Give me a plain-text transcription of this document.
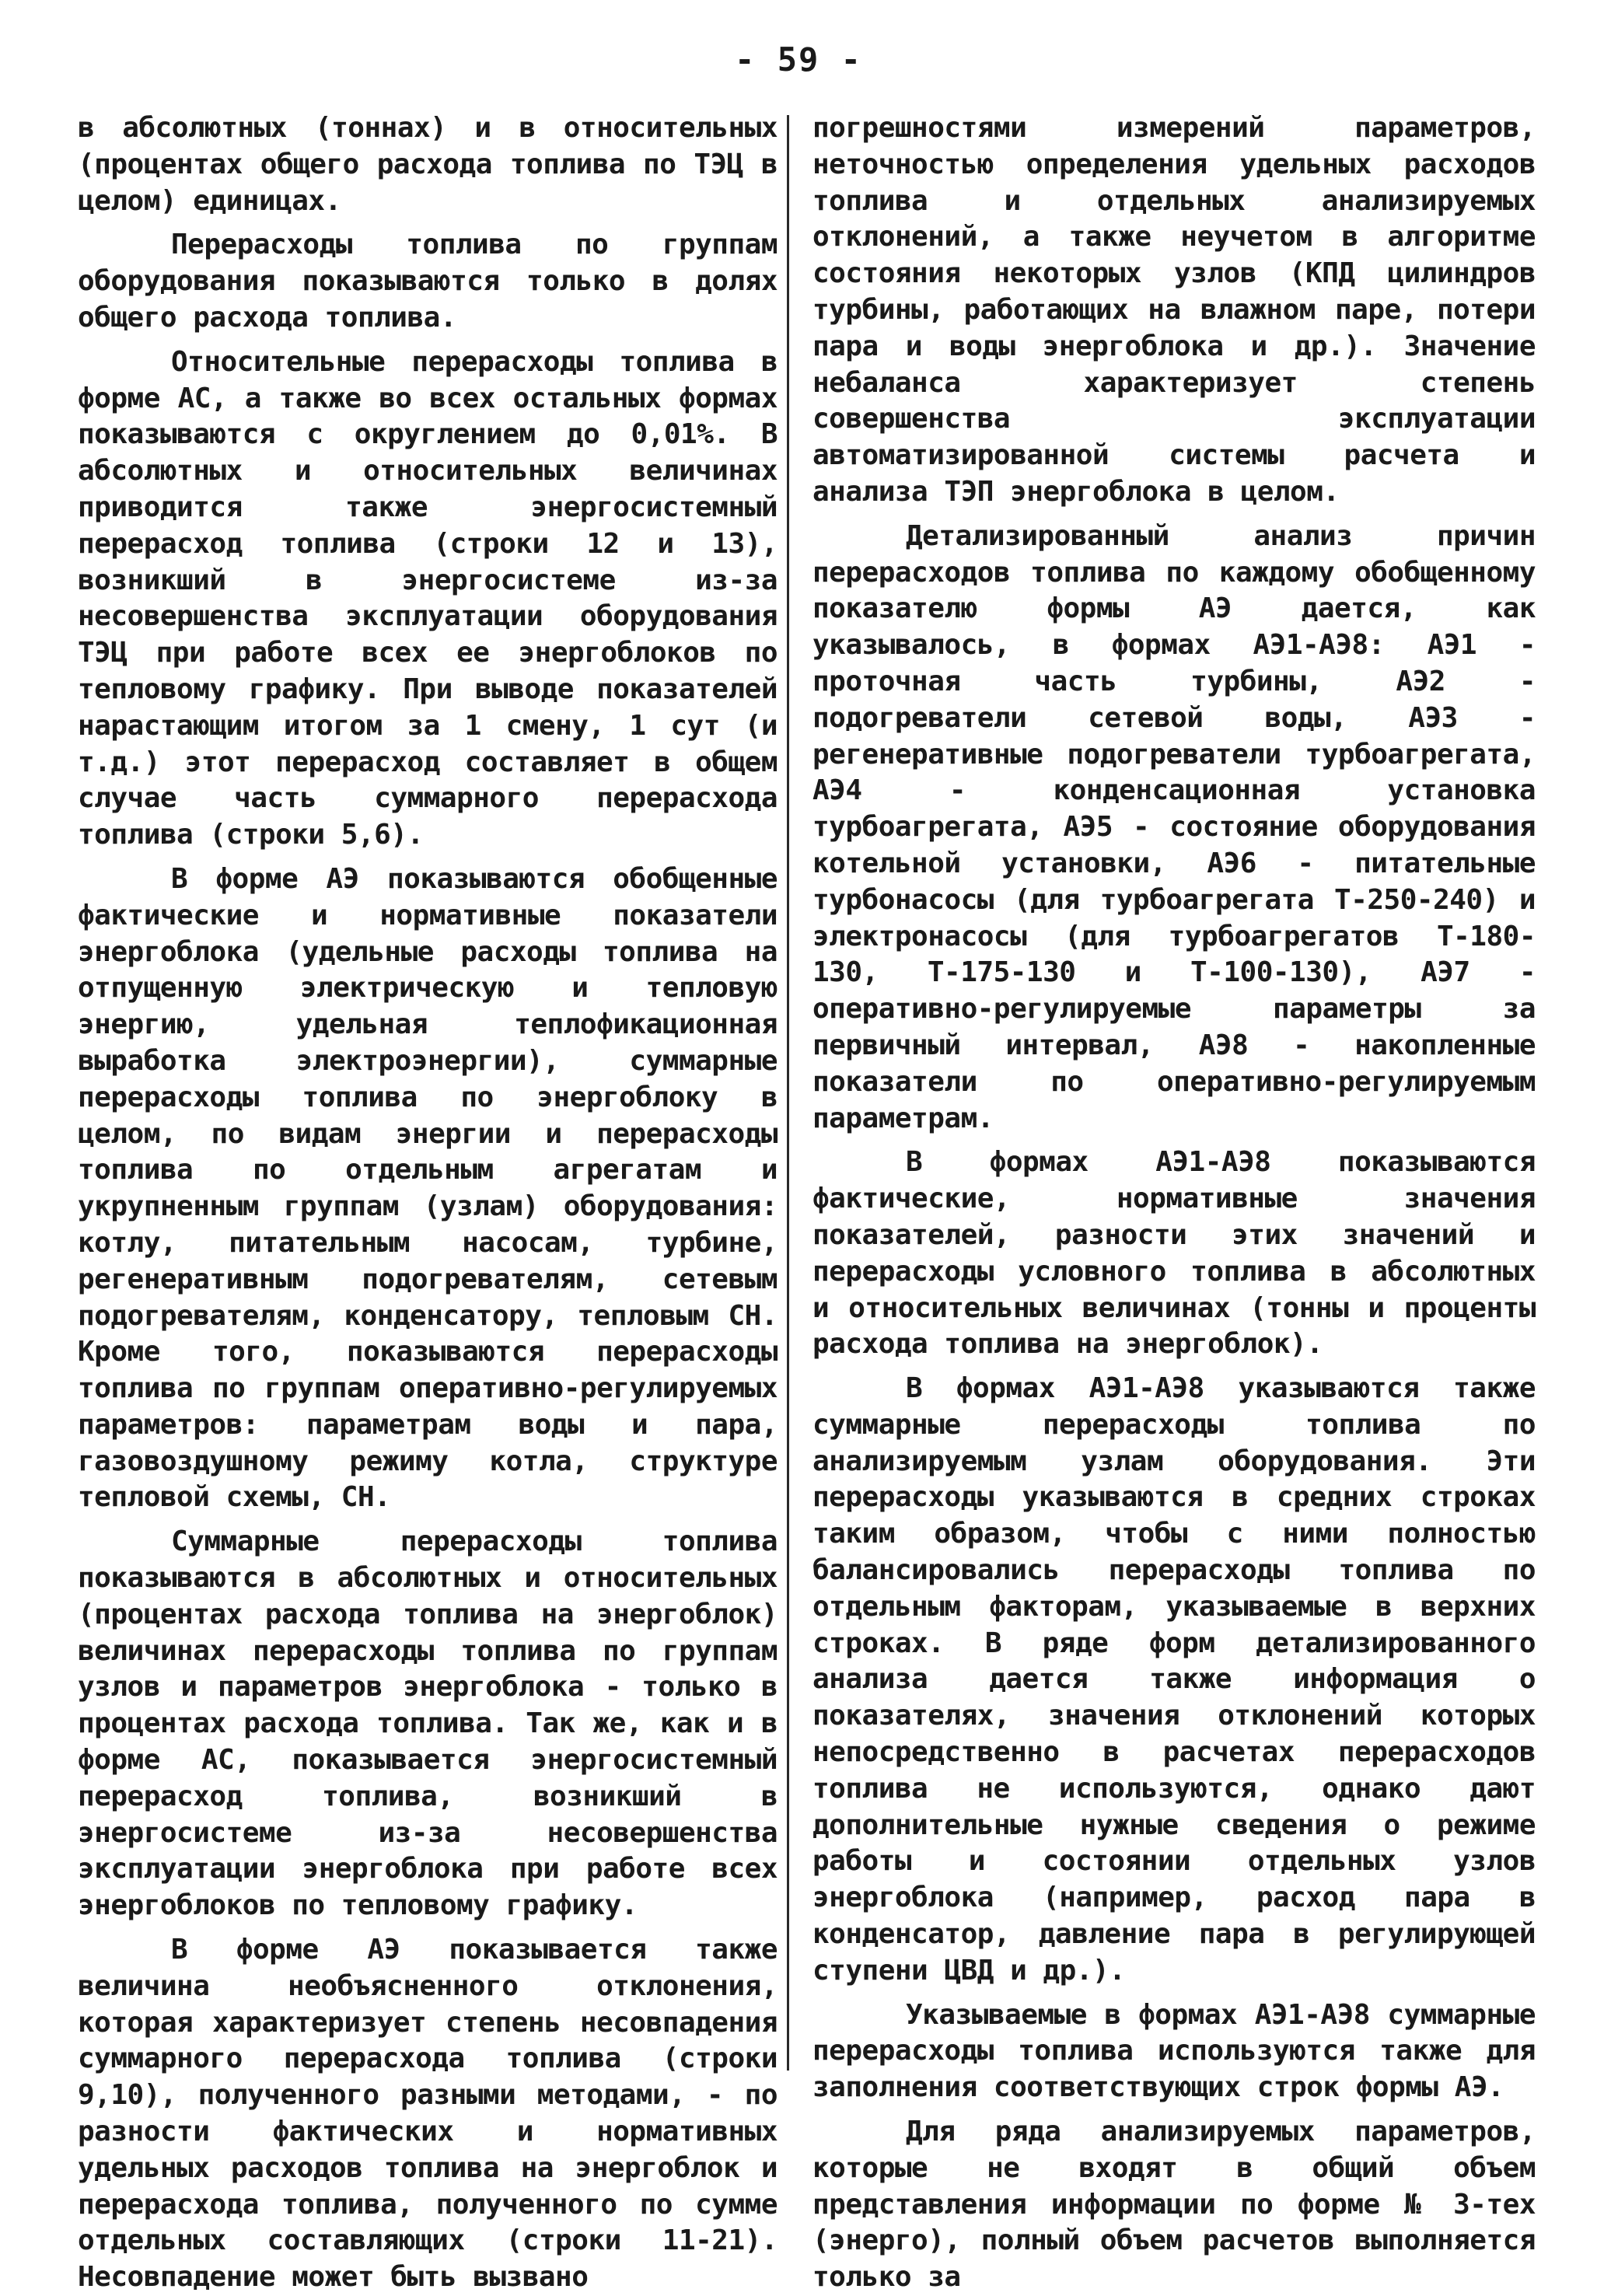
- 59 -

в абсолютных (тоннах) и в относительных (процентах общего расхода топлива по ТЭЦ в целом) единицах.

Перерасходы топлива по группам оборудования показываются только в долях общего расхода топлива.

Относительные перерасходы топлива в форме АС, а также во всех остальных формах показываются с округлением до 0,01%. В абсолютных и относительных величинах приводится также энергосистемный перерасход топлива (строки 12 и 13), возникший в энергосистеме из-за несовершенства эксплуатации оборудования ТЭЦ при работе всех ее энергоблоков по тепловому графику. При выводе показателей нарастающим итогом за 1 смену, 1 сут (и т.д.) этот перерасход составляет в общем случае часть суммарного перерасхода топлива (строки 5,6).

В форме АЭ показываются обобщенные фактические и нормативные показатели энергоблока (удельные расходы топлива на отпущенную электрическую и тепловую энергию, удельная теплофикационная выработка электроэнергии), суммарные перерасходы топлива по энергоблоку в целом, по видам энергии и перерасходы топлива по отдельным агрегатам и укрупненным группам (узлам) оборудования: котлу, питательным насосам, турбине, регенеративным подогревателям, сетевым подогревателям, конденсатору, тепловым СН. Кроме того, показываются перерасходы топлива по группам оперативно-регулируемых параметров: параметрам воды и пара, газовоздушному режиму котла, структуре тепловой схемы, СН.

Суммарные перерасходы топлива показываются в абсолютных и относительных (процентах расхода топлива на энергоблок) величинах перерасходы топлива по группам узлов и параметров энергоблока - только в процентах расхода топлива. Так же, как и в форме АС, показывается энергосистемный перерасход топлива, возникший в энергосистеме из-за несовершенства эксплуатации энергоблока при работе всех энергоблоков по тепловому графику.

В форме АЭ показывается также величина необъясненного отклонения, которая характеризует степень несовпадения суммарного перерасхода топлива (строки 9,10), полученного разными методами, - по разности фактических и нормативных удельных расходов топлива на энергоблок и перерасхода топлива, полученного по сумме отдельных составляющих (строки 11-21). Несовпадение может быть вызвано

погрешностями измерений параметров, неточностью определения удельных расходов топлива и отдельных анализируемых отклонений, а также неучетом в алгоритме состояния некоторых узлов (КПД цилиндров турбины, работающих на влажном паре, потери пара и воды энергоблока и др.). Значение небаланса характеризует степень совершенства эксплуатации автоматизированной системы расчета и анализа ТЭП энергоблока в целом.

Детализированный анализ причин перерасходов топлива по каждому обобщенному показателю формы АЭ дается, как указывалось, в формах АЭ1-АЭ8: АЭ1 - проточная часть турбины, АЭ2 - подогреватели сетевой воды, АЭ3 - регенеративные подогреватели турбоагрегата, АЭ4 - конденсационная установка турбоагрегата, АЭ5 - состояние оборудования котельной установки, АЭ6 - питательные турбонасосы (для турбоагрегата Т-250-240) и электронасосы (для турбоагрегатов Т-180-130, Т-175-130 и Т-100-130), АЭ7 - оперативно-регулируемые параметры за первичный интервал, АЭ8 - накопленные показатели по оперативно-регулируемым параметрам.

В формах АЭ1-АЭ8 показываются фактические, нормативные значения показателей, разности этих значений и перерасходы условного топлива в абсолютных и относительных величинах (тонны и проценты расхода топлива на энергоблок).

В формах АЭ1-АЭ8 указываются также суммарные перерасходы топлива по анализируемым узлам оборудования. Эти перерасходы указываются в средних строках таким образом, чтобы с ними полностью балансировались перерасходы топлива по отдельным факторам, указываемые в верхних строках. В ряде форм детализированного анализа дается также информация о показателях, значения отклонений которых непосредственно в расчетах перерасходов топлива не используются, однако дают дополнительные нужные сведения о режиме работы и состоянии отдельных узлов энергоблока (например, расход пара в конденсатор, давление пара в регулирующей ступени ЦВД и др.).

Указываемые в формах АЭ1-АЭ8 суммарные перерасходы топлива используются также для заполнения соответствующих строк формы АЭ.

Для ряда анализируемых параметров, которые не входят в общий объем представления информации по форме № 3-тех (энерго), полный объем расчетов выполняется только за
